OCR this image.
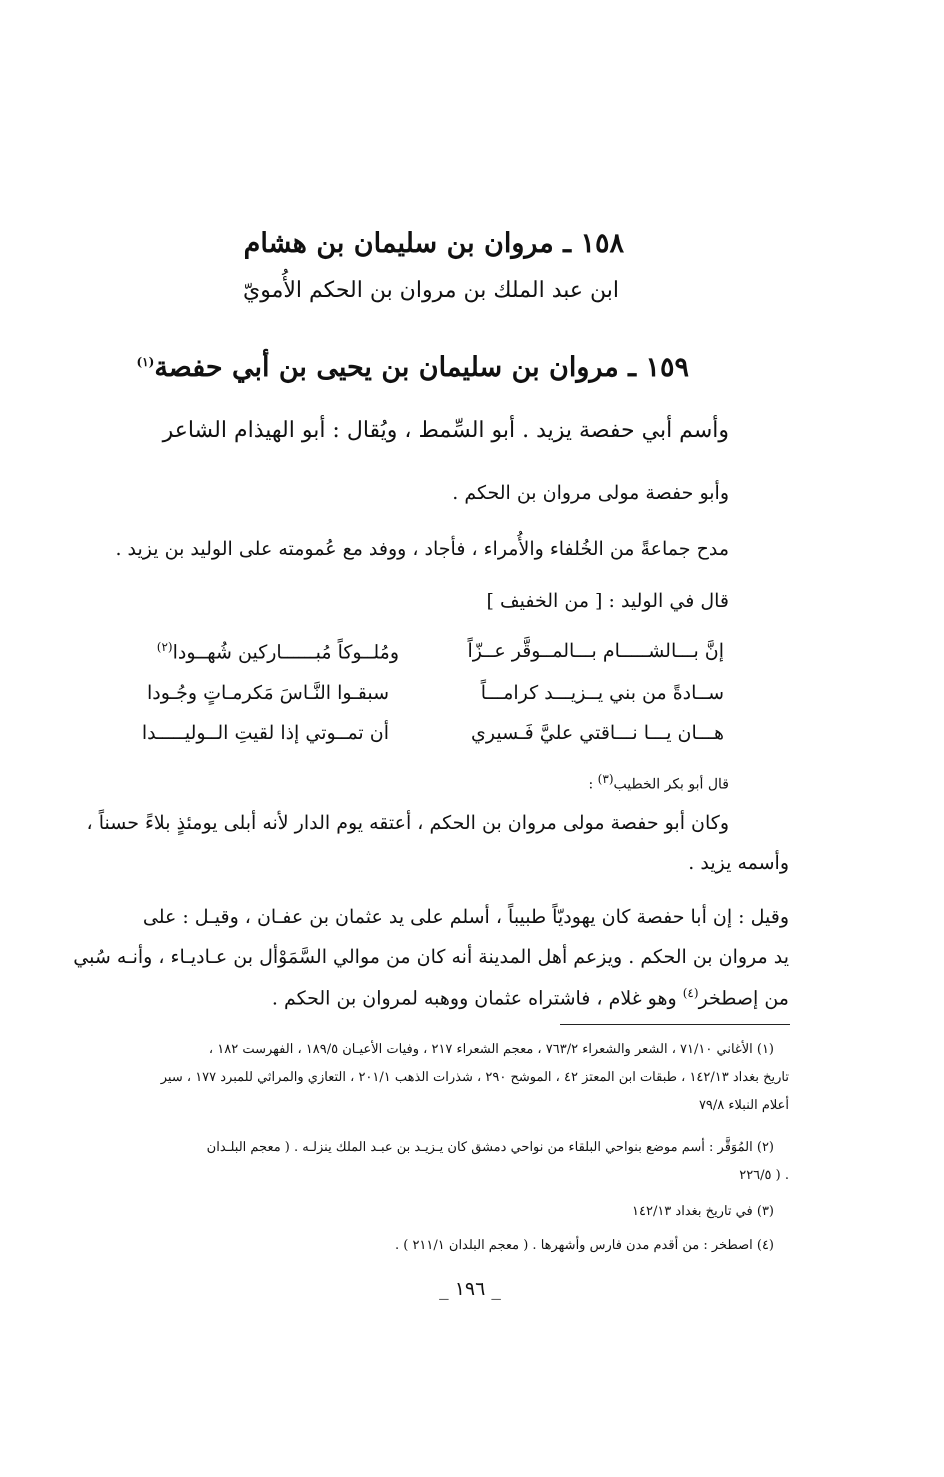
١٥٨ ـ مروان بن سليمان بن هشام
ابن عبد الملك بن مروان بن الحكم الأُمويّ
١٥٩ ـ مروان بن سليمان بن يحيى بن أبي حفصة$^{(١)}$
وأسم أبي حفصة يزيد . أبو السِّمط ، ويُقال : أبو الهيذام الشاعر
وأبو حفصة مولى مروان بن الحكم .
مدح جماعةً من الخُلفاء والأُمراء ، فأجاد ، ووفد مع عُمومته على الوليد بن يزيد .
قال في الوليد : [ من الخفيف ]
إنَّ بـــالشـــــام بـــالمــوقَّر عــزّاً
ومُلــوكاً مُبــــــاركين شُهــودا$^{(٢)}$
ســادةً من بني يــزيـــد كرامـــاً
سبقـوا النَّـاسَ مَكرمـاتٍ وجُـودا
هـــان يـــا نـــاقتي عليَّ فَـسيري
أن تمــوتي إذا لقيتِ الــوليـــــدا
قال أبو بكر الخطيب(٣) :
وكان أبو حفصة مولى مروان بن الحكم ، أعتقه يوم الدار لأنه أبلى يومئذٍ بلاءً حسناً ،
وأسمه يزيد .
وقيل : إن أبا حفصة كان يهوديّاً طبيباً ، أسلم على يد عثمان بن عفـان ، وقيـل : على
يد مروان بن الحكم . ويزعم أهل المدينة أنه كان من موالي السَّمَوْأل بن عـاديـاء ، وأنـه سُبي
من إصطخر$^{(٤)}$ وهو غلام ، فاشتراه عثمان ووهبه لمروان بن الحكم .
(١) الأغاني ٧١/١٠ ، الشعر والشعراء ٧٦٣/٢ ، معجم الشعراء ٢١٧ ، وفيات الأعيـان ١٨٩/٥ ، الفهرست ١٨٢ ،
تاريخ بغداد ١٤٢/١٣ ، طبقات ابن المعتز ٤٢ ، الموشح ٢٩٠ ، شذرات الذهب ٢٠١/١ ، التعازي والمراثي للمبرد ١٧٧ ، سير
أعلام النبلاء ٧٩/٨
(٢) المُوَقَّر : أسم موضع بنواحي البلقاء من نواحي دمشق كان يـزيـد بن عبـد الملك ينزلـه . ( معجم البلـدان
. ( ٢٢٦/٥
(٣) في تاريخ بغداد ١٤٢/١٣
(٤) اصطخر : من أقدم مدن فارس وأشهرها . ( معجم البلدان ٢١١/١ ) .
_ ١٩٦ _
